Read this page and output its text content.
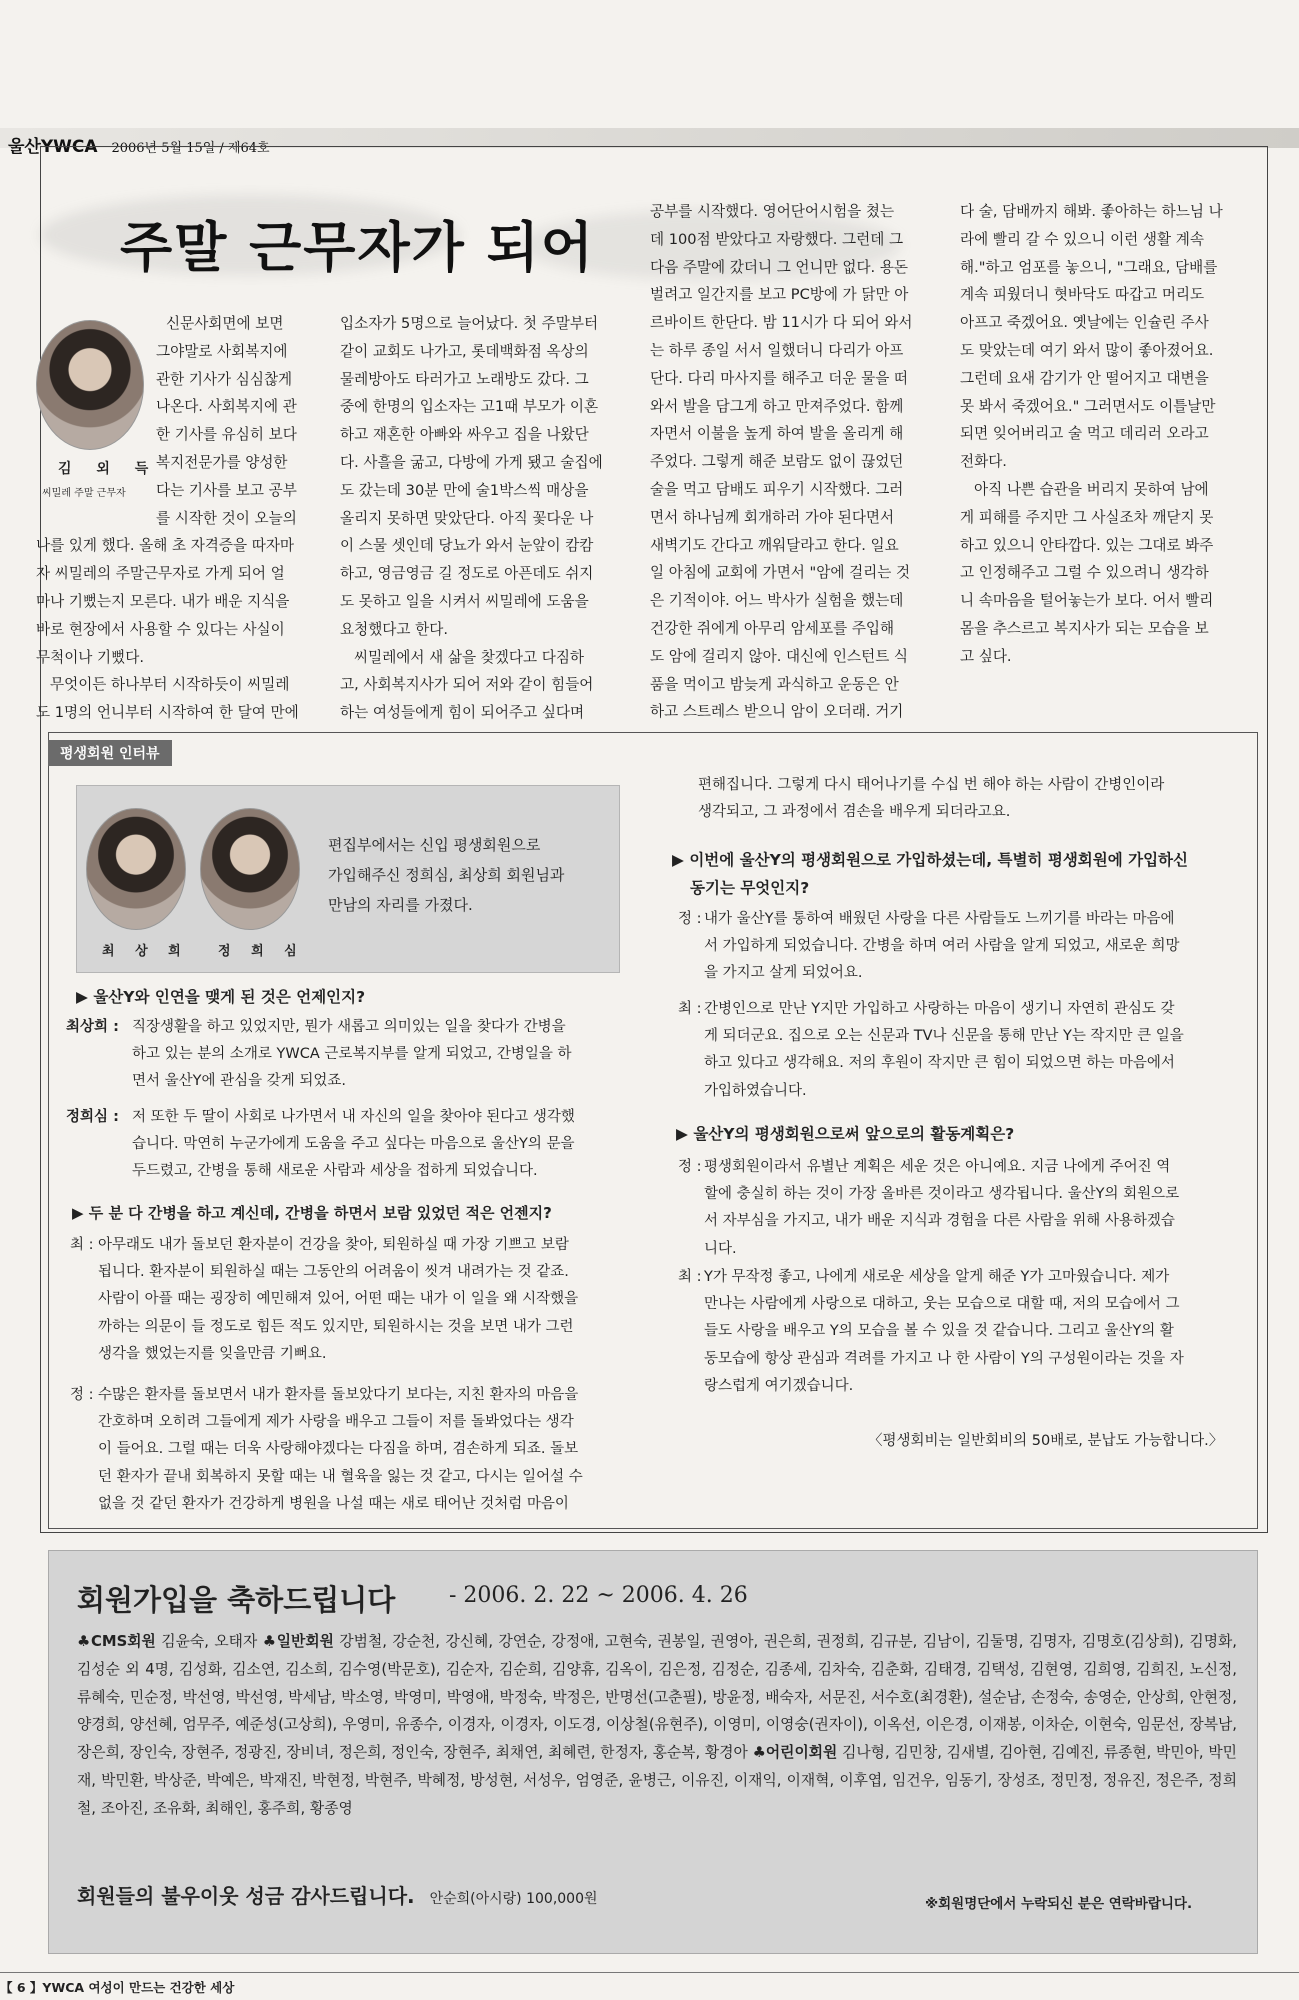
울산YWCA 2006년 5월 15일 / 제64호
주말 근무자가 되어
김 외 득
씨밀레 주말 근무자

신문사회면에 보면

그야말로 사회복지에

관한 기사가 심심찮게

나온다. 사회복지에 관

한 기사를 유심히 보다

복지전문가를 양성한

다는 기사를 보고 공부

를 시작한 것이 오늘의

나를 있게 했다. 올해 초 자격증을 따자마

자 씨밀레의 주말근무자로 가게 되어 얼

마나 기뻤는지 모른다. 내가 배운 지식을

바로 현장에서 사용할 수 있다는 사실이

무척이나 기뻤다.

무엇이든 하나부터 시작하듯이 씨밀레

도 1명의 언니부터 시작하여 한 달여 만에

입소자가 5명으로 늘어났다. 첫 주말부터

같이 교회도 나가고, 롯데백화점 옥상의

물레방아도 타러가고 노래방도 갔다. 그

중에 한명의 입소자는 고1때 부모가 이혼

하고 재혼한 아빠와 싸우고 집을 나왔단

다. 사흘을 굶고, 다방에 가게 됐고 술집에

도 갔는데 30분 만에 술1박스씩 매상을

올리지 못하면 맞았단다. 아직 꽃다운 나

이 스물 셋인데 당뇨가 와서 눈앞이 캄캄

하고, 영금영금 길 정도로 아픈데도 쉬지

도 못하고 일을 시켜서 씨밀레에 도움을

요청했다고 한다.

씨밀레에서 새 삶을 찾겠다고 다짐하

고, 사회복지사가 되어 저와 같이 힘들어

하는 여성들에게 힘이 되어주고 싶다며

공부를 시작했다. 영어단어시험을 쳤는

데 100점 받았다고 자랑했다. 그런데 그

다음 주말에 갔더니 그 언니만 없다. 용돈

벌려고 일간지를 보고 PC방에 가 닭만 아

르바이트 한단다. 밤 11시가 다 되어 와서

는 하루 종일 서서 일했더니 다리가 아프

단다. 다리 마사지를 해주고 더운 물을 떠

와서 발을 담그게 하고 만져주었다. 함께

자면서 이불을 높게 하여 발을 올리게 해

주었다. 그렇게 해준 보람도 없이 끊었던

술을 먹고 담배도 피우기 시작했다. 그러

면서 하나님께 회개하러 가야 된다면서

새벽기도 간다고 깨워달라고 한다. 일요

일 아침에 교회에 가면서 "암에 걸리는 것

은 기적이야. 어느 박사가 실험을 했는데

건강한 쥐에게 아무리 암세포를 주입해

도 암에 걸리지 않아. 대신에 인스턴트 식

품을 먹이고 밤늦게 과식하고 운동은 안

하고 스트레스 받으니 암이 오더래. 거기

다 술, 담배까지 해봐. 좋아하는 하느님 나

라에 빨리 갈 수 있으니 이런 생활 계속

해."하고 엄포를 놓으니, "그래요, 담배를

계속 피웠더니 혓바닥도 따갑고 머리도

아프고 죽겠어요. 옛날에는 인슐린 주사

도 맞았는데 여기 와서 많이 좋아졌어요.

그런데 요새 감기가 안 떨어지고 대변을

못 봐서 죽겠어요." 그러면서도 이틀날만

되면 잊어버리고 술 먹고 데리러 오라고

전화다.

아직 나쁜 습관을 버리지 못하여 남에

게 피해를 주지만 그 사실조차 깨닫지 못

하고 있으니 안타깝다. 있는 그대로 봐주

고 인정해주고 그럴 수 있으려니 생각하

니 속마음을 털어놓는가 보다. 어서 빨리

몸을 추스르고 복지사가 되는 모습을 보

고 싶다.

평생회원 인터뷰
최 상 희 정 희 심
편집부에서는 신입 평생회원으로
가입해주신 정희심, 최상희 회원님과
만남의 자리를 가졌다.
▶ 울산Y와 인연을 맺게 된 것은 언제인지?
최상희 : 직장생활을 하고 있었지만, 뭔가 새롭고 의미있는 일을 찾다가 간병을
하고 있는 분의 소개로 YWCA 근로복지부를 알게 되었고, 간병일을 하
면서 울산Y에 관심을 갖게 되었죠.
정희심 : 저 또한 두 딸이 사회로 나가면서 내 자신의 일을 찾아야 된다고 생각했
습니다. 막연히 누군가에게 도움을 주고 싶다는 마음으로 울산Y의 문을
두드렸고, 간병을 통해 새로운 사람과 세상을 접하게 되었습니다.
▶ 두 분 다 간병을 하고 계신데, 간병을 하면서 보람 있었던 적은 언젠지?
최 : 아무래도 내가 돌보던 환자분이 건강을 찾아, 퇴원하실 때 가장 기쁘고 보람
됩니다. 환자분이 퇴원하실 때는 그동안의 어려움이 씻겨 내려가는 것 같죠.
사람이 아플 때는 굉장히 예민해져 있어, 어떤 때는 내가 이 일을 왜 시작했을
까하는 의문이 들 정도로 힘든 적도 있지만, 퇴원하시는 것을 보면 내가 그런
생각을 했었는지를 잊을만큼 기뻐요.
정 : 수많은 환자를 돌보면서 내가 환자를 돌보았다기 보다는, 지친 환자의 마음을
간호하며 오히려 그들에게 제가 사랑을 배우고 그들이 저를 돌봐었다는 생각
이 들어요. 그럴 때는 더욱 사랑해야겠다는 다짐을 하며, 겸손하게 되죠. 돌보
던 환자가 끝내 회복하지 못할 때는 내 혈육을 잃는 것 같고, 다시는 일어설 수
없을 것 같던 환자가 건강하게 병원을 나설 때는 새로 태어난 것처럼 마음이
편해집니다. 그렇게 다시 태어나기를 수십 번 해야 하는 사람이 간병인이라
생각되고, 그 과정에서 겸손을 배우게 되더라고요.
▶ 이번에 울산Y의 평생회원으로 가입하셨는데, 특별히 평생회원에 가입하신
동기는 무엇인지?
정 : 내가 울산Y를 통하여 배웠던 사랑을 다른 사람들도 느끼기를 바라는 마음에
서 가입하게 되었습니다. 간병을 하며 여러 사람을 알게 되었고, 새로운 희망
을 가지고 살게 되었어요.
최 : 간병인으로 만난 Y지만 가입하고 사랑하는 마음이 생기니 자연히 관심도 갖
게 되더군요. 집으로 오는 신문과 TV나 신문을 통해 만난 Y는 작지만 큰 일을
하고 있다고 생각해요. 저의 후원이 작지만 큰 힘이 되었으면 하는 마음에서
가입하였습니다.
▶ 울산Y의 평생회원으로써 앞으로의 활동계획은?
정 : 평생회원이라서 유별난 계획은 세운 것은 아니예요. 지금 나에게 주어진 역
할에 충실히 하는 것이 가장 올바른 것이라고 생각됩니다. 울산Y의 회원으로
서 자부심을 가지고, 내가 배운 지식과 경험을 다른 사람을 위해 사용하겠습
니다.
최 : Y가 무작정 좋고, 나에게 새로운 세상을 알게 해준 Y가 고마웠습니다. 제가
만나는 사람에게 사랑으로 대하고, 웃는 모습으로 대할 때, 저의 모습에서 그
들도 사랑을 배우고 Y의 모습을 볼 수 있을 것 같습니다. 그리고 울산Y의 활
동모습에 항상 관심과 격려를 가지고 나 한 사람이 Y의 구성원이라는 것을 자
랑스럽게 여기겠습니다.
〈평생회비는 일반회비의 50배로, 분납도 가능합니다.〉
회원가입을 축하드립니다 - 2006. 2. 22 ~ 2006. 4. 26
♣CMS회원 김윤숙, 오태자 ♣일반회원 강범철, 강순천, 강신혜, 강연순, 강정애, 고현숙, 권봉일, 권영아, 권은희, 권정희, 김규분, 김남이, 김둘명, 김명자, 김명호(김상희), 김명화, 김성순 외 4명, 김성화, 김소연, 김소희, 김수영(박문호), 김순자, 김순희, 김양휴, 김옥이, 김은정, 김정순, 김종세, 김차숙, 김춘화, 김태경, 김택성, 김현영, 김희영, 김희진, 노신정, 류혜숙, 민순정, 박선영, 박선영, 박세남, 박소영, 박영미, 박영애, 박정숙, 박정은, 반명선(고춘필), 방윤정, 배숙자, 서문진, 서수호(최경환), 설순남, 손정숙, 송영순, 안상희, 안현정, 양경희, 양선혜, 엄무주, 예준성(고상희), 우영미, 유종수, 이경자, 이경자, 이도경, 이상철(유현주), 이영미, 이영숭(권자이), 이옥선, 이은경, 이재봉, 이차순, 이현숙, 임문선, 장복남, 장은희, 장인숙, 장현주, 정광진, 장비녀, 정은희, 정인숙, 장현주, 최채연, 최혜련, 한정자, 홍순복, 황경아 ♣어린이회원 김나형, 김민창, 김새별, 김아현, 김예진, 류종현, 박민아, 박민재, 박민환, 박상준, 박예은, 박재진, 박현정, 박현주, 박혜정, 방성현, 서성우, 엄영준, 윤병근, 이유진, 이재익, 이재혁, 이후엽, 임건우, 임동기, 장성조, 정민정, 정유진, 정은주, 정희철, 조아진, 조유화, 최해인, 홍주희, 황종영
회원들의 불우이웃 성금 감사드립니다. 안순희(아시랑) 100,000원	※회원명단에서 누락되신 분은 연락바랍니다.
【 6 】YWCA 여성이 만드는 건강한 세상
